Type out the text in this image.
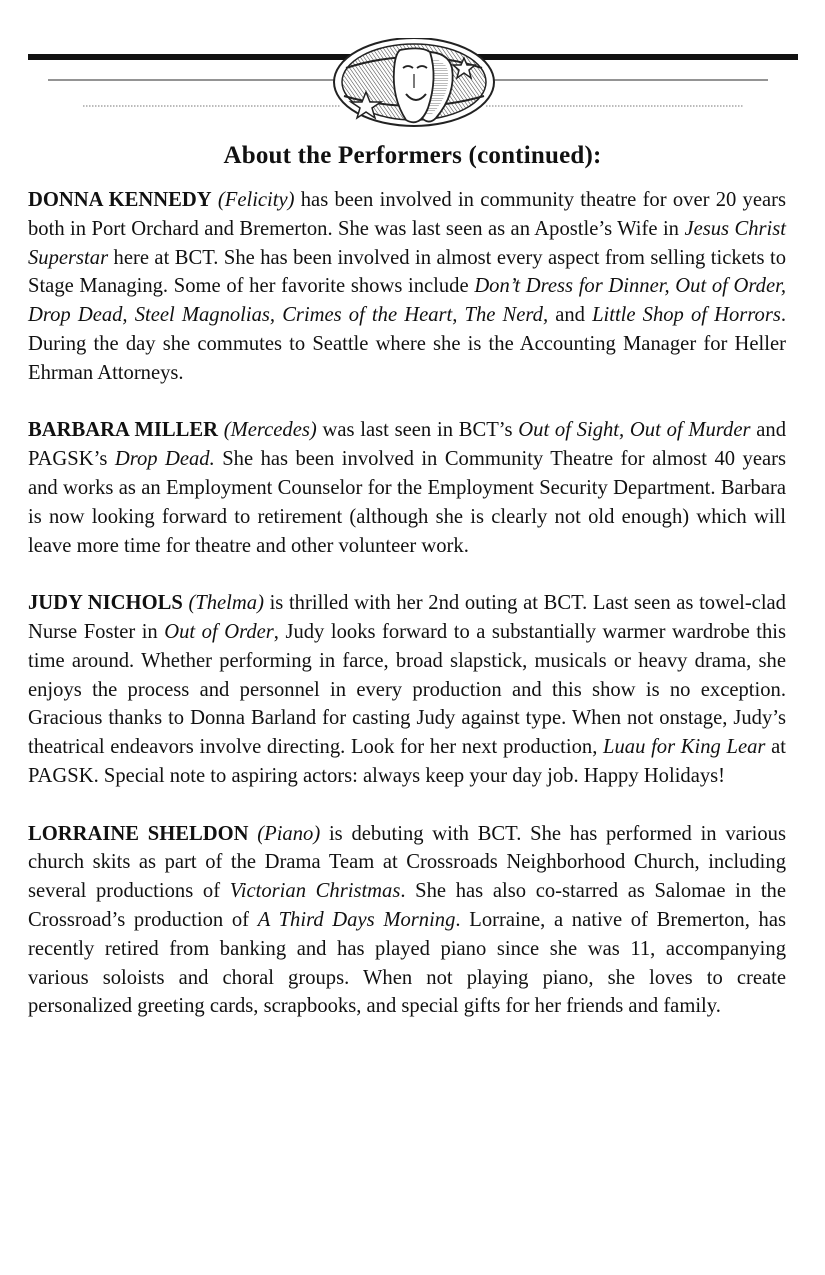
About the Performers (continued):

DONNA KENNEDY (Felicity) has been involved in community theatre for over 20 years both in Port Orchard and Bremerton. She was last seen as an Apostle’s Wife in Jesus Christ Superstar here at BCT. She has been involved in almost every aspect from selling tickets to Stage Managing. Some of her favorite shows include Don’t Dress for Dinner, Out of Order, Drop Dead, Steel Magnolias, Crimes of the Heart, The Nerd, and Little Shop of Horrors. During the day she commutes to Seattle where she is the Accounting Manager for Heller Ehrman Attorneys.

BARBARA MILLER (Mercedes) was last seen in BCT’s Out of Sight, Out of Murder and PAGSK’s Drop Dead. She has been involved in Community Theatre for almost 40 years and works as an Employment Counselor for the Employment Security Department. Barbara is now looking forward to retirement (although she is clearly not old enough) which will leave more time for theatre and other volunteer work.

JUDY NICHOLS (Thelma) is thrilled with her 2nd outing at BCT. Last seen as towel-clad Nurse Foster in Out of Order, Judy looks forward to a substantially warmer wardrobe this time around. Whether performing in farce, broad slapstick, musicals or heavy drama, she enjoys the process and personnel in every production and this show is no exception. Gracious thanks to Donna Barland for casting Judy against type. When not onstage, Judy’s theatrical endeavors involve directing. Look for her next production, Luau for King Lear at PAGSK. Special note to aspiring actors: always keep your day job. Happy Holidays!

LORRAINE SHELDON (Piano) is debuting with BCT. She has performed in various church skits as part of the Drama Team at Crossroads Neighborhood Church, including several productions of Victorian Christmas. She has also co-starred as Salomae in the Crossroad’s production of A Third Days Morning. Lorraine, a native of Bremerton, has recently retired from banking and has played piano since she was 11, accompanying various soloists and choral groups. When not playing piano, she loves to create personalized greeting cards, scrapbooks, and special gifts for her friends and family.
